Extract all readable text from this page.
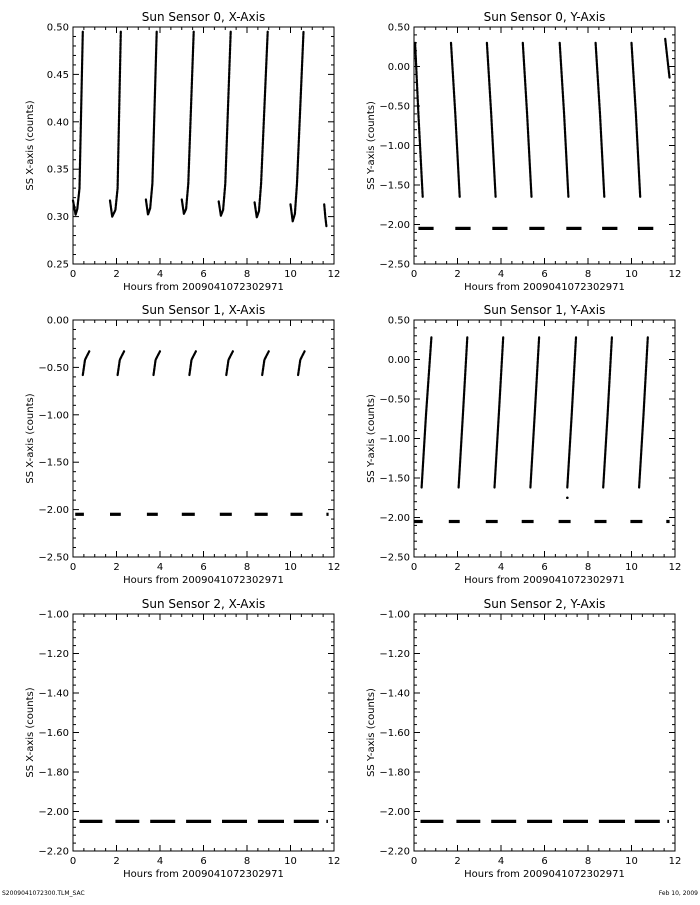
Sun Sensor 0, X-Axis
0	2	4	6	8	10	12
0.25
0.30
0.35
0.40
0.45
0.50
Hours from 2009041072302971
SS X-axis (counts)
Sun Sensor 0, Y-Axis
0	2	4	6	8	10	12
−2.50
−2.00
−1.50
−1.00
−0.50
0.00
0.50
Hours from 2009041072302971
SS Y-axis (counts)
Sun Sensor 1, X-Axis
0	2	4	6	8	10	12
−2.50
−2.00
−1.50
−1.00
−0.50
0.00
Hours from 2009041072302971
SS X-axis (counts)
Sun Sensor 1, Y-Axis
0	2	4	6	8	10	12
−2.50
−2.00
−1.50
−1.00
−0.50
0.00
0.50
Hours from 2009041072302971
SS Y-axis (counts)
Sun Sensor 2, X-Axis
0	2	4	6	8	10	12
−2.20
−2.00
−1.80
−1.60
−1.40
−1.20
−1.00
Hours from 2009041072302971
SS X-axis (counts)
Sun Sensor 2, Y-Axis
0	2	4	6	8	10	12
−2.20
−2.00
−1.80
−1.60
−1.40
−1.20
−1.00
Hours from 2009041072302971
SS Y-axis (counts)
S2009041072300.TLM_SAC	Feb 10, 2009
